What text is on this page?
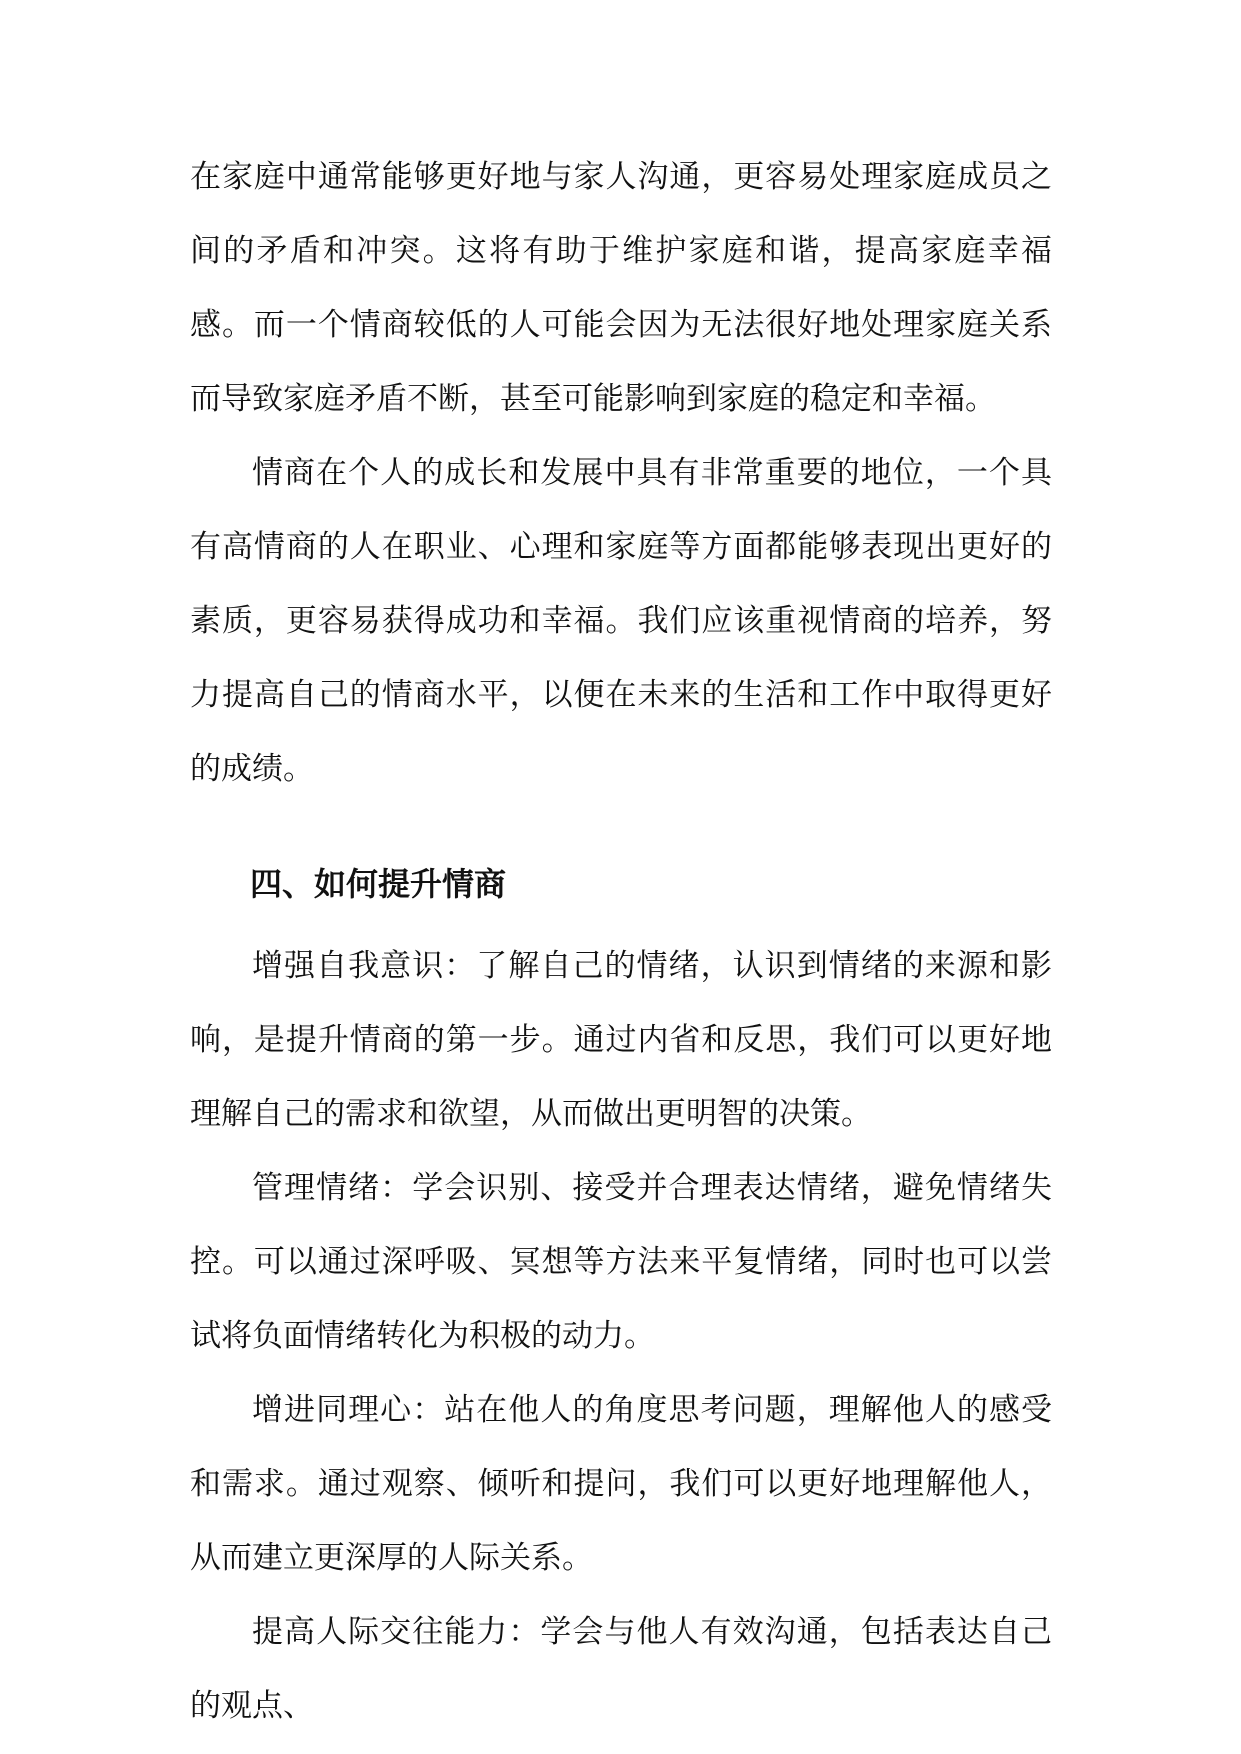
在家庭中通常能够更好地与家人沟通，更容易处理家庭成员之间的矛盾和冲突。这将有助于维护家庭和谐，提高家庭幸福感。而一个情商较低的人可能会因为无法很好地处理家庭关系而导致家庭矛盾不断，甚至可能影响到家庭的稳定和幸福。

情商在个人的成长和发展中具有非常重要的地位，一个具有高情商的人在职业、心理和家庭等方面都能够表现出更好的素质，更容易获得成功和幸福。我们应该重视情商的培养，努力提高自己的情商水平，以便在未来的生活和工作中取得更好的成绩。

四、如何提升情商

增强自我意识：了解自己的情绪，认识到情绪的来源和影响，是提升情商的第一步。通过内省和反思，我们可以更好地理解自己的需求和欲望，从而做出更明智的决策。

管理情绪：学会识别、接受并合理表达情绪，避免情绪失控。可以通过深呼吸、冥想等方法来平复情绪，同时也可以尝试将负面情绪转化为积极的动力。

增进同理心：站在他人的角度思考问题，理解他人的感受和需求。通过观察、倾听和提问，我们可以更好地理解他人，从而建立更深厚的人际关系。

提高人际交往能力：学会与他人有效沟通，包括表达自己的观点、
